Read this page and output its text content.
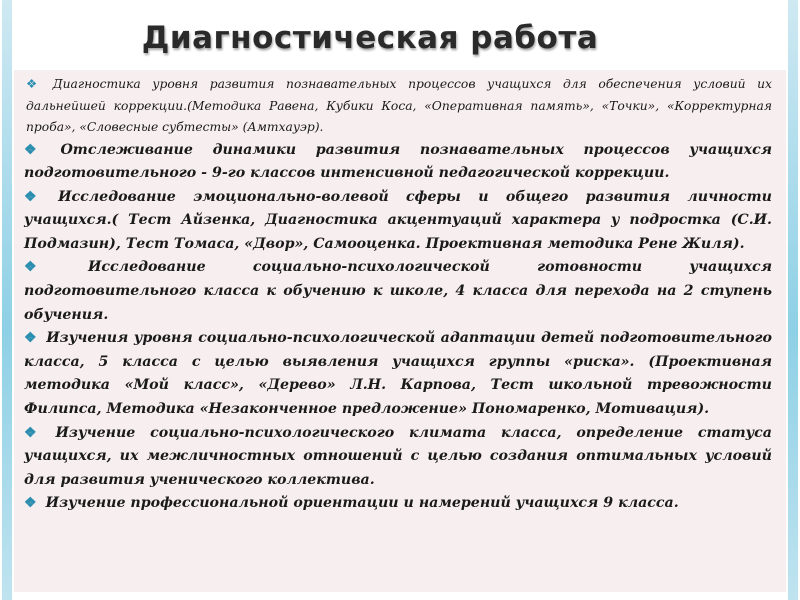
Диагностическая работа

❖ Диагностика уровня развития познавательных процессов учащихся для обеспечения условий их дальнейшей коррекции.(Методика Равена, Кубики Коса, «Оперативная память», «Точки», «Корректурная проба», «Словесные субтесты» (Амтхауэр).

❖ Отслеживание динамики развития познавательных процессов учащихся подготовительного - 9-го классов интенсивной педагогической коррекции.

❖ Исследование эмоционально-волевой сферы и общего развития личности учащихся.( Тест Айзенка, Диагностика акцентуаций характера у подростка (С.И. Подмазин), Тест Томаса, «Двор», Самооценка. Проективная методика Рене Жиля).

❖ Исследование социально-психологической готовности учащихся подготовительного класса к обучению к школе, 4 класса для перехода на 2 ступень обучения.

❖ Изучения уровня социально-психологической адаптации детей подготовительного класса, 5 класса с целью выявления учащихся группы «риска». (Проективная методика «Мой класс», «Дерево» Л.Н. Карпова, Тест школьной тревожности Филипса, Методика «Незаконченное предложение» Пономаренко, Мотивация).

❖ Изучение социально-психологического климата класса, определение статуса учащихся, их межличностных отношений с целью создания оптимальных условий для развития ученического коллектива.

❖ Изучение профессиональной ориентации и намерений учащихся 9 класса.
